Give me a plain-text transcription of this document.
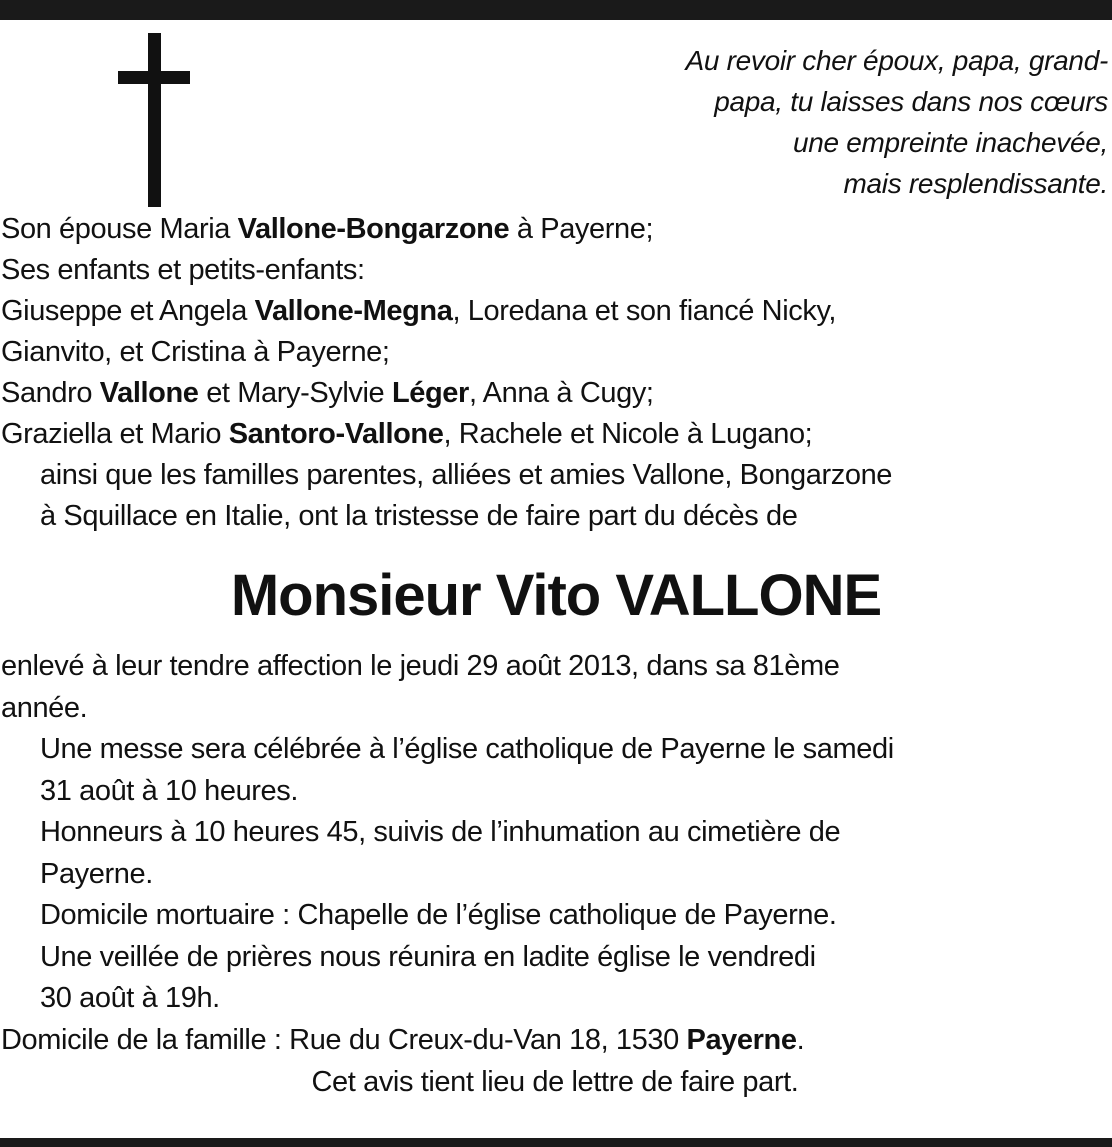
Au revoir cher époux, papa, grand-
papa, tu laisses dans nos cœurs
une empreinte inachevée,
mais resplendissante.
Son épouse Maria Vallone-Bongarzone à Payerne;
Ses enfants et petits-enfants:
Giuseppe et Angela Vallone-Megna, Loredana et son fiancé Nicky,
Gianvito, et Cristina à Payerne;
Sandro Vallone et Mary-Sylvie Léger, Anna à Cugy;
Graziella et Mario Santoro-Vallone, Rachele et Nicole à Lugano;
ainsi que les familles parentes, alliées et amies Vallone, Bongarzone
à Squillace en Italie, ont la tristesse de faire part du décès de
Monsieur Vito VALLONE
enlevé à leur tendre affection le jeudi 29 août 2013, dans sa 81ème
année.
Une messe sera célébrée à l’église catholique de Payerne le samedi
31 août à 10 heures.
Honneurs à 10 heures 45, suivis de l’inhumation au cimetière de
Payerne.
Domicile mortuaire : Chapelle de l’église catholique de Payerne.
Une veillée de prières nous réunira en ladite église le vendredi
30 août à 19h.
Domicile de la famille : Rue du Creux-du-Van 18, 1530 Payerne.
Cet avis tient lieu de lettre de faire part.
